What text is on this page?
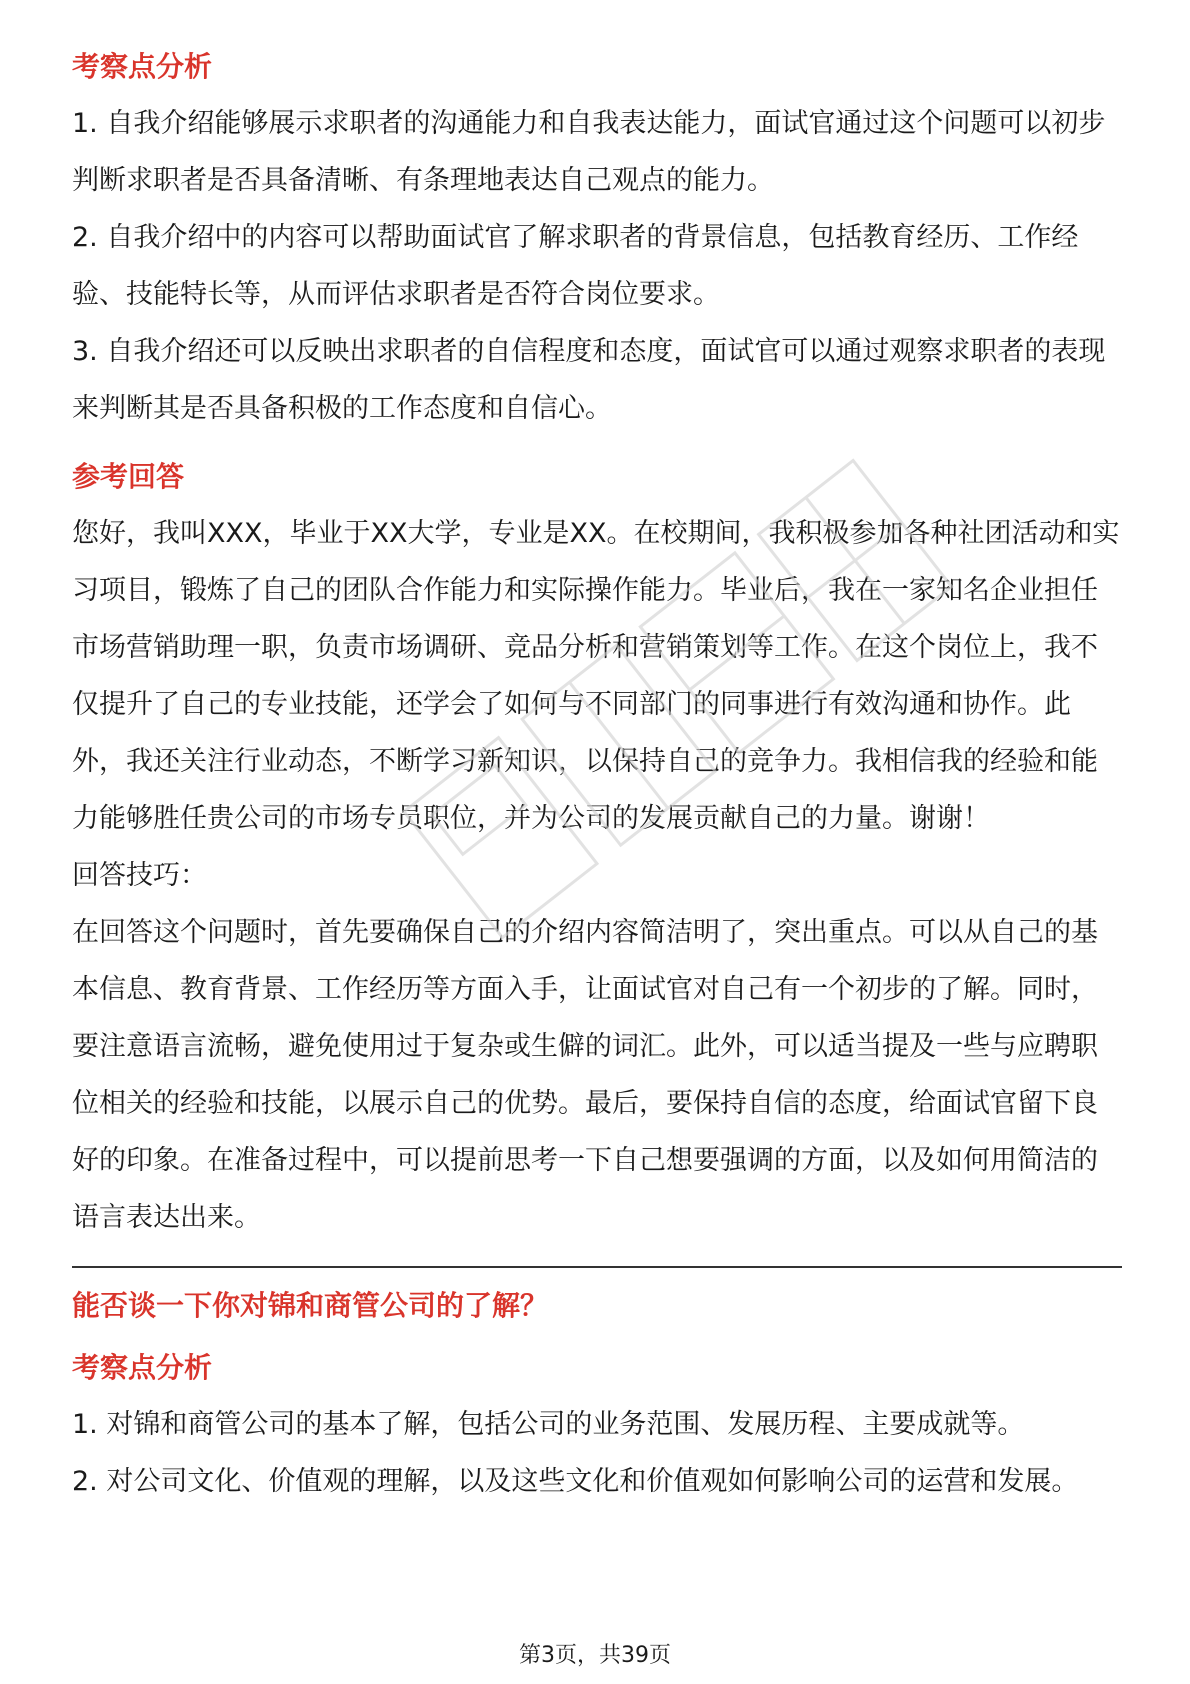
考察点分析

1. 自我介绍能够展示求职者的沟通能力和自我表达能力，面试官通过这个问题可以初步判断求职者是否具备清晰、有条理地表达自己观点的能力。

2. 自我介绍中的内容可以帮助面试官了解求职者的背景信息，包括教育经历、工作经验、技能特长等，从而评估求职者是否符合岗位要求。

3. 自我介绍还可以反映出求职者的自信程度和态度，面试官可以通过观察求职者的表现来判断其是否具备积极的工作态度和自信心。

参考回答

您好，我叫XXX，毕业于XX大学，专业是XX。在校期间，我积极参加各种社团活动和实习项目，锻炼了自己的团队合作能力和实际操作能力。毕业后，我在一家知名企业担任市场营销助理一职，负责市场调研、竞品分析和营销策划等工作。在这个岗位上，我不仅提升了自己的专业技能，还学会了如何与不同部门的同事进行有效沟通和协作。此外，我还关注行业动态，不断学习新知识，以保持自己的竞争力。我相信我的经验和能力能够胜任贵公司的市场专员职位，并为公司的发展贡献自己的力量。谢谢！

回答技巧：

在回答这个问题时，首先要确保自己的介绍内容简洁明了，突出重点。可以从自己的基本信息、教育背景、工作经历等方面入手，让面试官对自己有一个初步的了解。同时，要注意语言流畅，避免使用过于复杂或生僻的词汇。此外，可以适当提及一些与应聘职位相关的经验和技能，以展示自己的优势。最后，要保持自信的态度，给面试官留下良好的印象。在准备过程中，可以提前思考一下自己想要强调的方面，以及如何用简洁的语言表达出来。

能否谈一下你对锦和商管公司的了解？

考察点分析

1. 对锦和商管公司的基本了解，包括公司的业务范围、发展历程、主要成就等。

2. 对公司文化、价值观的理解，以及这些文化和价值观如何影响公司的运营和发展。

第3页，共39页
